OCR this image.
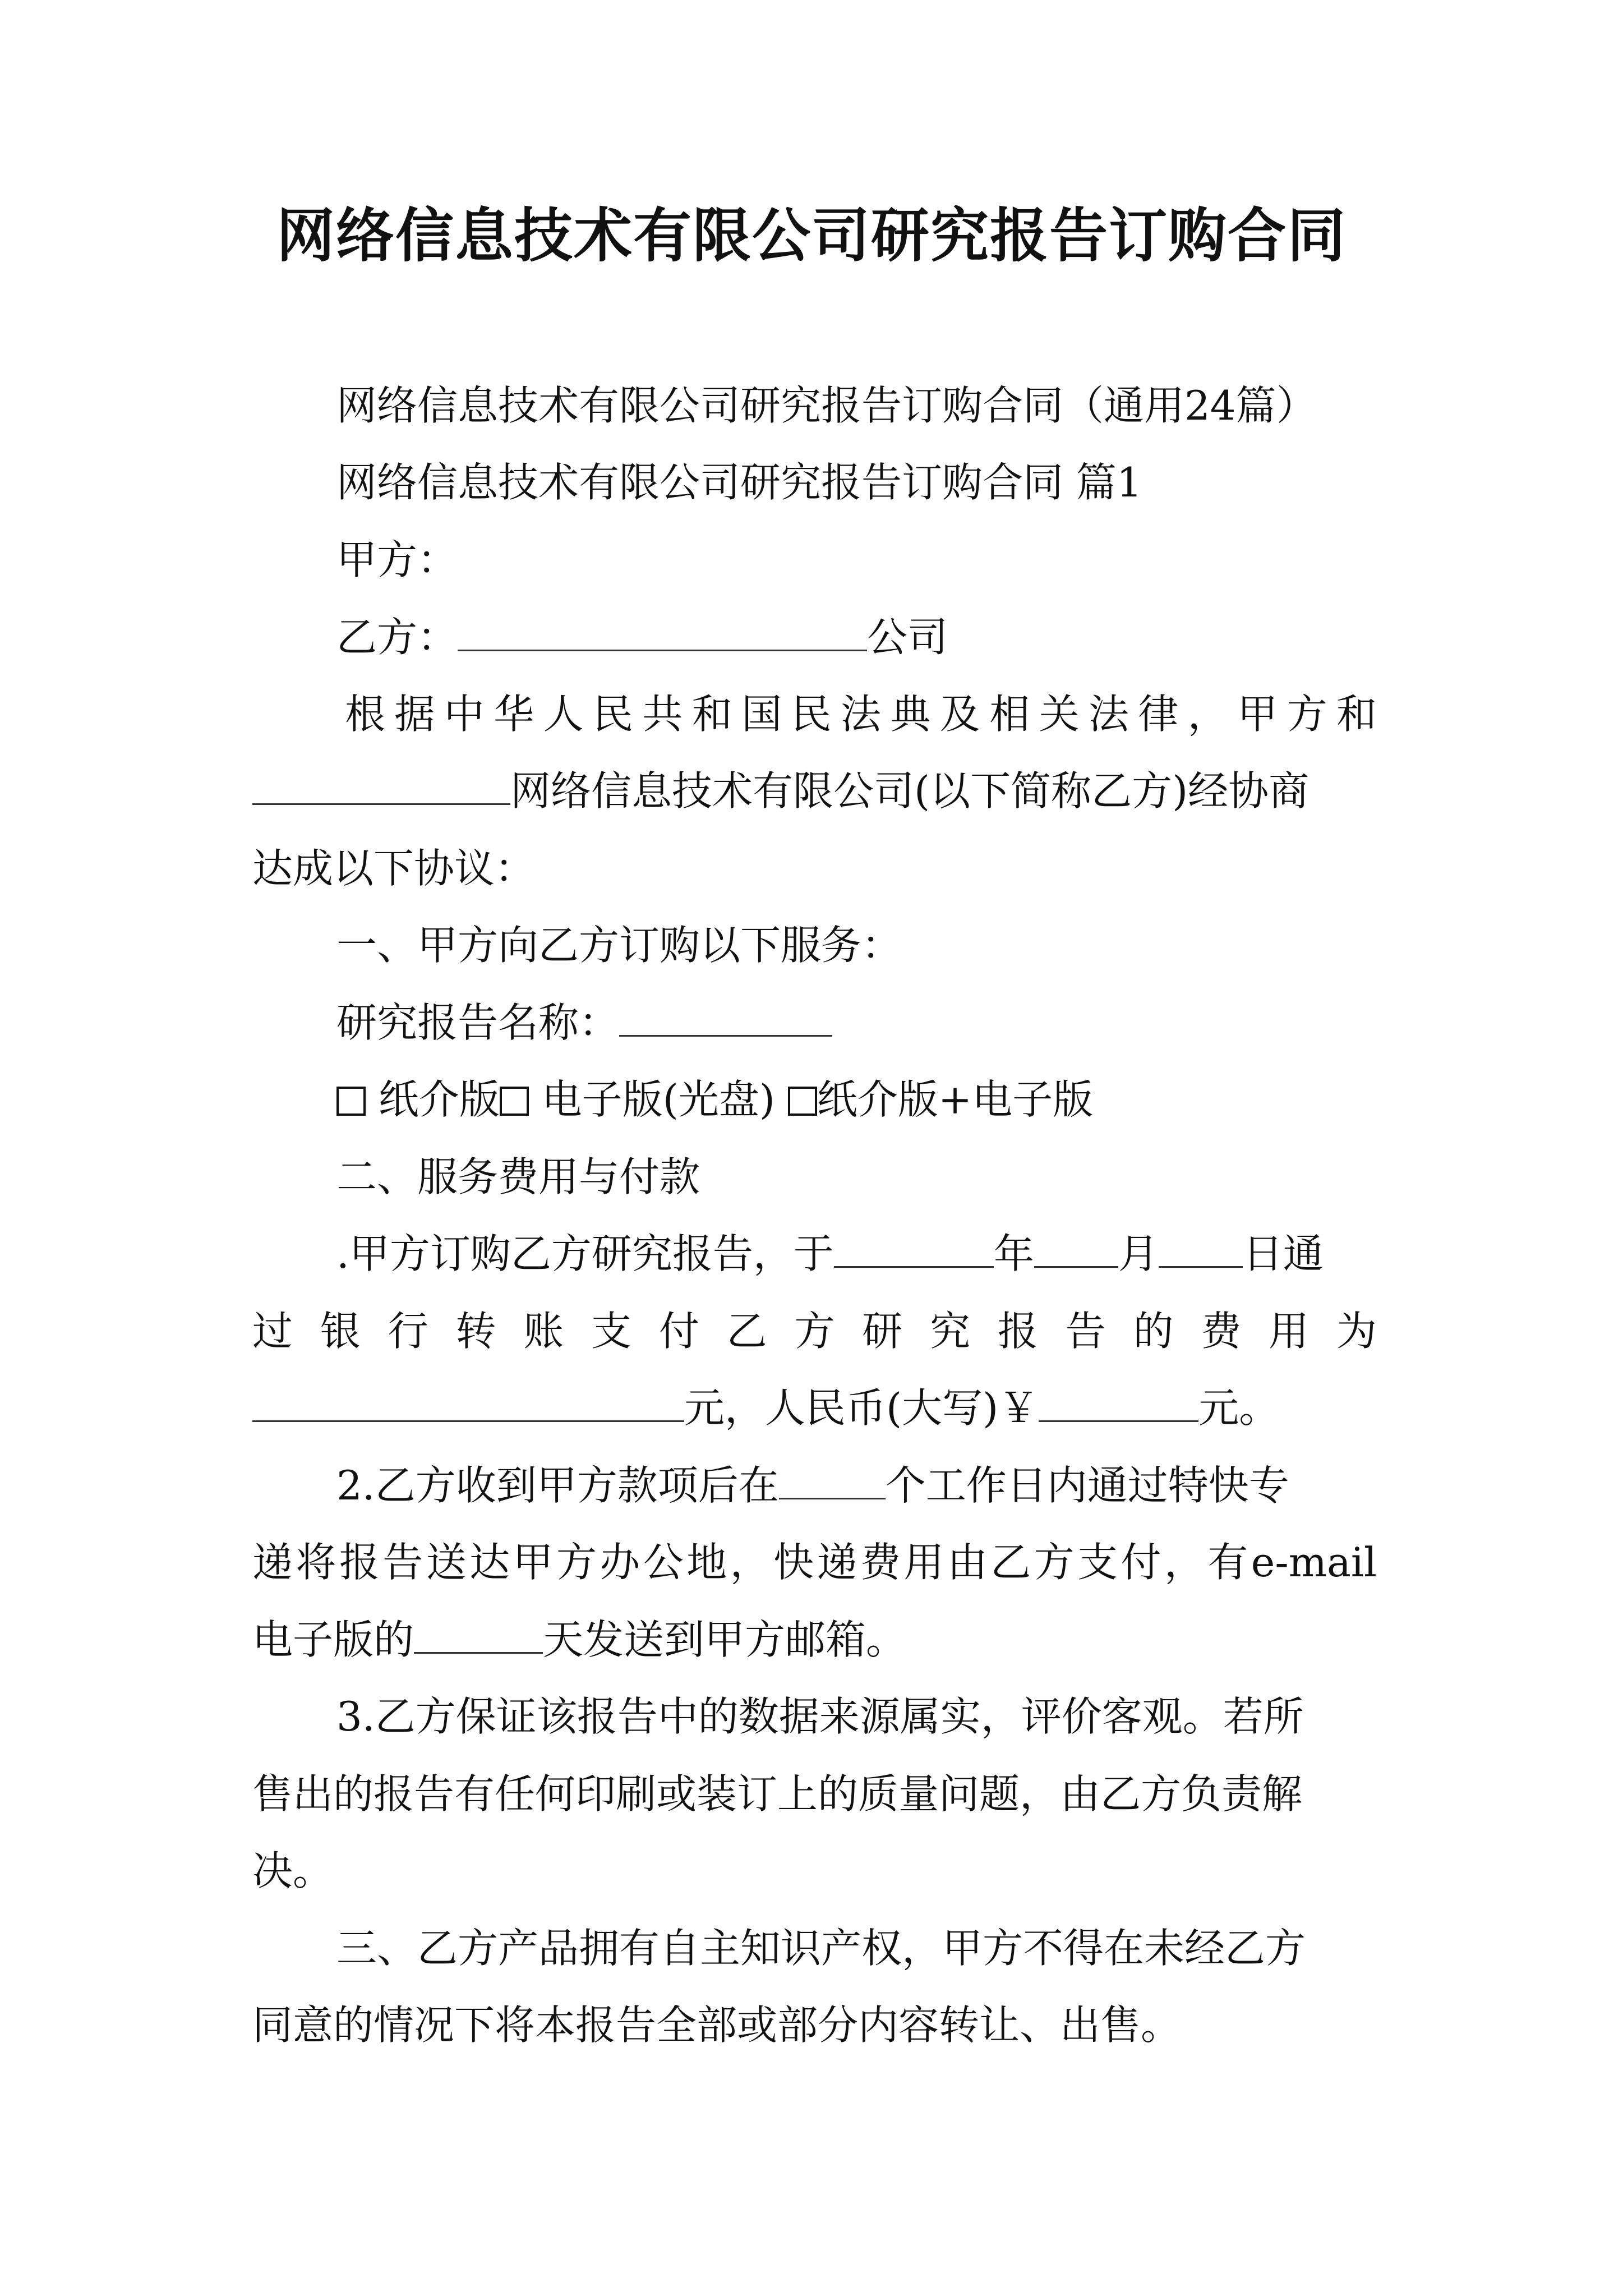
网络信息技术有限公司研究报告订购合同
网络信息技术有限公司研究报告订购合同（通用24篇）
网络信息技术有限公司研究报告订购合同 篇1
甲方：
乙方：	公司
根据中华人民共和国民法典及相关法律，甲方和
网络信息技术有限公司(以下简称乙方)经协商
达成以下协议：
一、甲方向乙方订购以下服务：
研究报告名称：
纸介版 电子版(光盘) 纸介版+电子版
二、服务费用与付款
.甲方订购乙方研究报告，于	年 月 日通
过银行转账支付乙方研究报告的费用为
元，人民币(大写)￥	元。
2.乙方收到甲方款项后在	个工作日内通过特快专
递将报告送达甲方办公地，快递费用由乙方支付，有e-mail
电子版的	天发送到甲方邮箱。
3.乙方保证该报告中的数据来源属实，评价客观。若所
售出的报告有任何印刷或装订上的质量问题，由乙方负责解
决。
三、乙方产品拥有自主知识产权，甲方不得在未经乙方
同意的情况下将本报告全部或部分内容转让、出售。
